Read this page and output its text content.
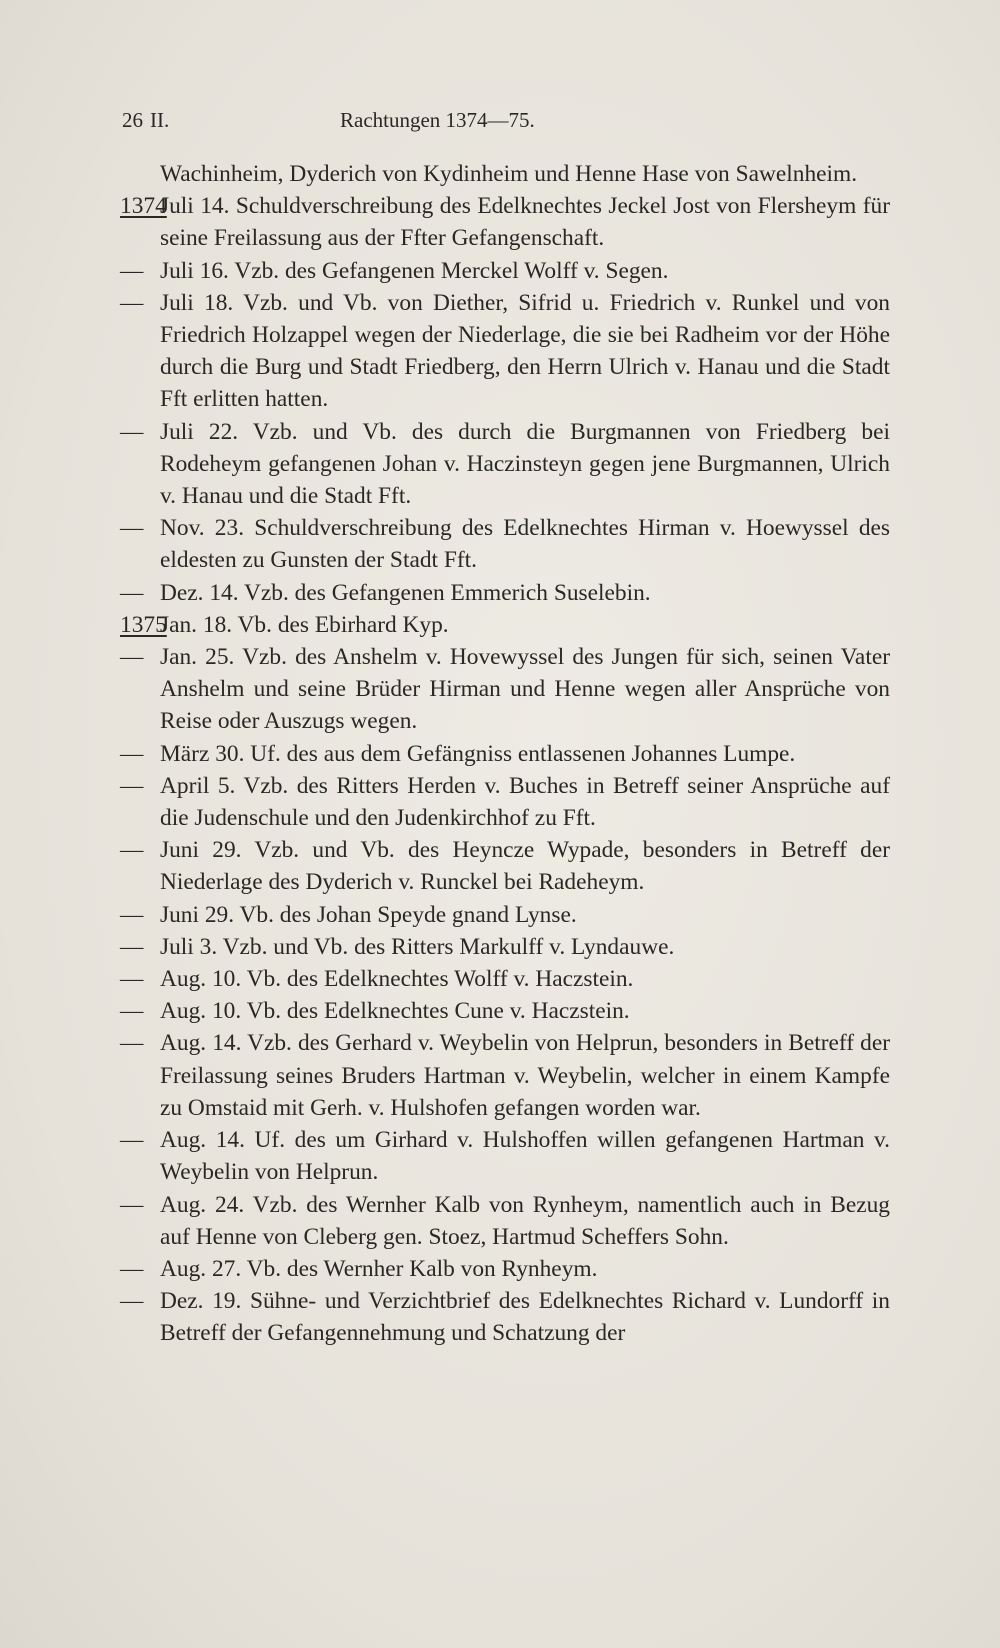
26 II.	Rachtungen 1374—75.
Wachinheim, Dyderich von Kydinheim und Henne Hase von Sawelnheim.
1374
Juli 14. Schuldverschreibung des Edelknechtes Jeckel Jost von Flersheym für seine Freilassung aus der Ffter Gefangenschaft.
— Juli 16. Vzb. des Gefangenen Merckel Wolff v. Segen.
— Juli 18. Vzb. und Vb. von Diether, Sifrid u. Friedrich v. Runkel und von Friedrich Holzappel wegen der Niederlage, die sie bei Radheim vor der Höhe durch die Burg und Stadt Friedberg, den Herrn Ulrich v. Hanau und die Stadt Fft erlitten hatten.
— Juli 22. Vzb. und Vb. des durch die Burgmannen von Friedberg bei Rodeheym gefangenen Johan v. Haczinsteyn gegen jene Burgmannen, Ulrich v. Hanau und die Stadt Fft.
— Nov. 23. Schuldverschreibung des Edelknechtes Hirman v. Hoewyssel des eldesten zu Gunsten der Stadt Fft.
— Dez. 14. Vzb. des Gefangenen Emmerich Suselebin.
1375
Jan. 18. Vb. des Ebirhard Kyp.
— Jan. 25. Vzb. des Anshelm v. Hovewyssel des Jungen für sich, seinen Vater Anshelm und seine Brüder Hirman und Henne wegen aller Ansprüche von Reise oder Auszugs wegen.
— März 30. Uf. des aus dem Gefängniss entlassenen Johannes Lumpe.
— April 5. Vzb. des Ritters Herden v. Buches in Betreff seiner Ansprüche auf die Judenschule und den Judenkirchhof zu Fft.
— Juni 29. Vzb. und Vb. des Heyncze Wypade, besonders in Betreff der Niederlage des Dyderich v. Runckel bei Radeheym.
— Juni 29. Vb. des Johan Speyde gnand Lynse.
— Juli 3. Vzb. und Vb. des Ritters Markulff v. Lyndauwe.
— Aug. 10. Vb. des Edelknechtes Wolff v. Haczstein.
— Aug. 10. Vb. des Edelknechtes Cune v. Haczstein.
— Aug. 14. Vzb. des Gerhard v. Weybelin von Helprun, besonders in Betreff der Freilassung seines Bruders Hartman v. Weybelin, welcher in einem Kampfe zu Omstaid mit Gerh. v. Hulshofen gefangen worden war.
— Aug. 14. Uf. des um Girhard v. Hulshoffen willen gefangenen Hartman v. Weybelin von Helprun.
— Aug. 24. Vzb. des Wernher Kalb von Rynheym, namentlich auch in Bezug auf Henne von Cleberg gen. Stoez, Hartmud Scheffers Sohn.
— Aug. 27. Vb. des Wernher Kalb von Rynheym.
— Dez. 19. Sühne- und Verzichtbrief des Edelknechtes Richard v. Lundorff in Betreff der Gefangennehmung und Schatzung der
